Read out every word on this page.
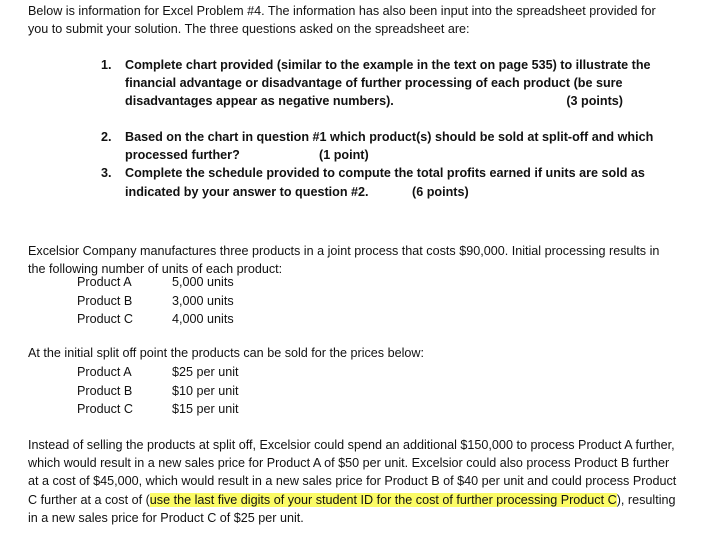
Below is information for Excel Problem #4. The information has also been input into the spreadsheet provided for you to submit your solution. The three questions asked on the spreadsheet are:

1.	Complete chart provided (similar to the example in the text on page 535) to illustrate the financial advantage or disadvantage of further processing of each product (be sure disadvantages appear as negative numbers).	(3 points)
2.	Based on the chart in question #1 which product(s) should be sold at split-off and which processed further?	(1 point)
3.	Complete the schedule provided to compute the total profits earned if units are sold as indicated by your answer to question #2.	(6 points)

Excelsior Company manufactures three products in a joint process that costs $90,000. Initial processing results in the following number of units of each product:

Product A	5,000 units
Product B	3,000 units
Product C	4,000 units

At the initial split off point the products can be sold for the prices below:

Product A	$25 per unit
Product B	$10 per unit
Product C	$15 per unit

Instead of selling the products at split off, Excelsior could spend an additional $150,000 to process Product A further, which would result in a new sales price for Product A of $50 per unit. Excelsior could also process Product B further at a cost of $45,000, which would result in a new sales price for Product B of $40 per unit and could process Product C further at a cost of (use the last five digits of your student ID for the cost of further processing Product C), resulting in a new sales price for Product C of $25 per unit.
